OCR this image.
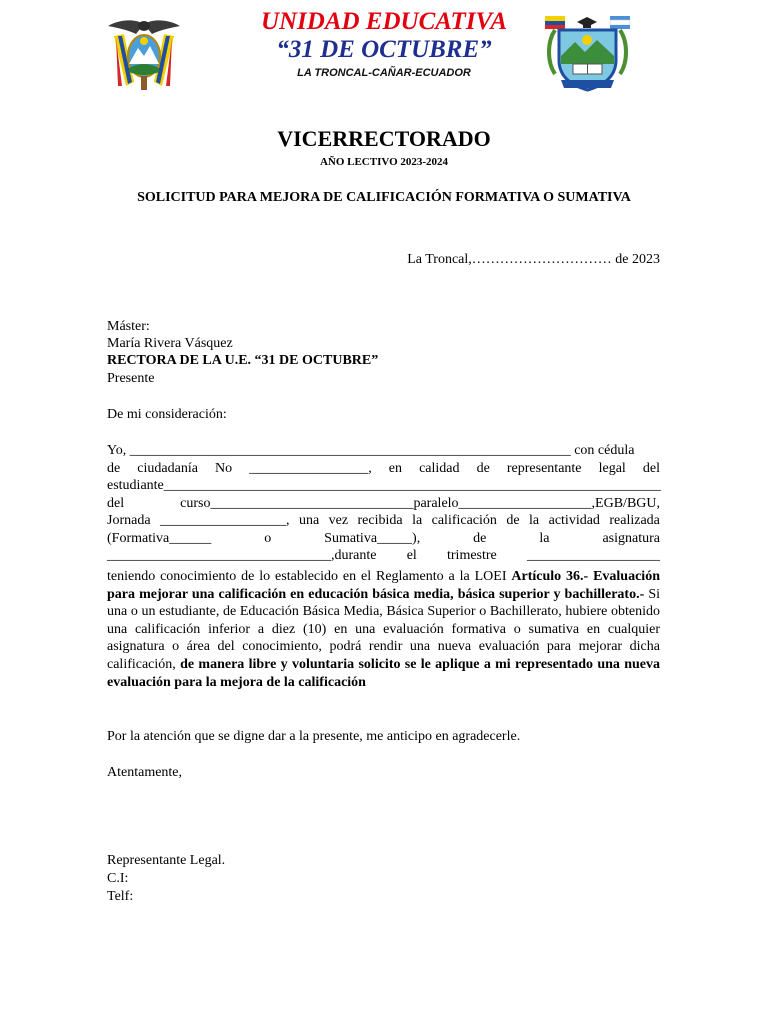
UNIDAD EDUCATIVA
“31 DE OCTUBRE”
LA TRONCAL-CAÑAR-ECUADOR
VICERRECTORADO
AÑO LECTIVO 2023-2024
SOLICITUD PARA MEJORA DE CALIFICACIÓN FORMATIVA O SUMATIVA
La Troncal,………………………… de 2023
Máster:
María Rivera Vásquez
RECTORA DE LA U.E. “31 DE OCTUBRE”
Presente
De mi consideración:
Yo, _______________________________________________________________ con cédula
de ciudadanía No _________________, en calidad de representante legal del
estudiante_______________________________________________________________________
del	curso_____________________________paralelo___________________,EGB/BGU,
Jornada __________________, una vez recibida la calificación de la actividad realizada
(Formativa______	o	Sumativa_____),	de	la	asignatura
________________________________,durante el trimestre ___________________
teniendo conocimiento de lo establecido en el Reglamento a la LOEI Artículo 36.- Evaluación para mejorar una calificación en educación básica media, básica superior y bachillerato.- Si una o un estudiante, de Educación Básica Media, Básica Superior o Bachillerato, hubiere obtenido una calificación inferior a diez (10) en una evaluación formativa o sumativa en cualquier asignatura o área del conocimiento, podrá rendir una nueva evaluación para mejorar dicha calificación, de manera libre y voluntaria solicito se le aplique a mi representado una nueva evaluación para la mejora de la calificación
Por la atención que se digne dar a la presente, me anticipo en agradecerle.
Atentamente,
Representante Legal.
C.I:
Telf:
